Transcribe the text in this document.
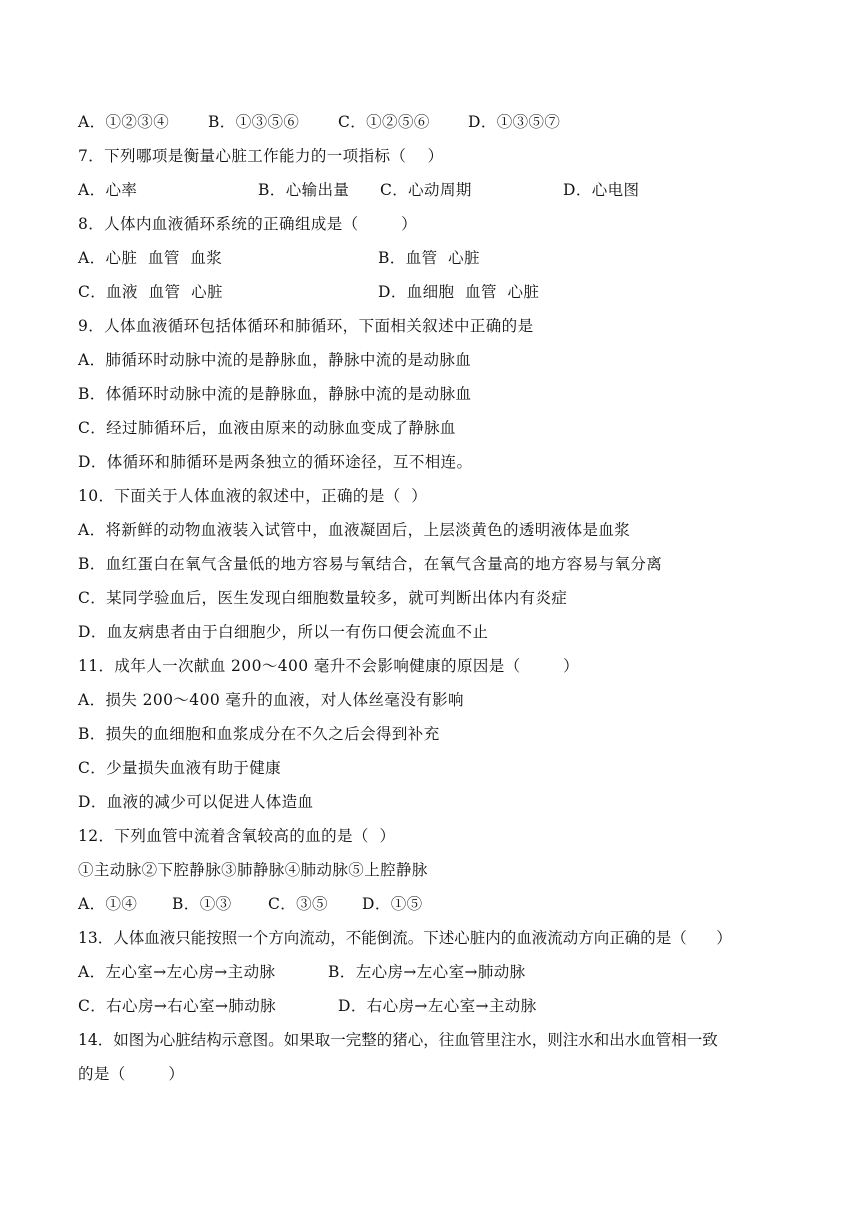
A．①②③④	B．①③⑤⑥ C．①②⑤⑥ D．①③⑤⑦
7．下列哪项是衡量心脏工作能力的一项指标（    ）
A．心率	B．心输出量 C．心动周期	D．心电图
8．人体内血液循环系统的正确组成是（        ）
A．心脏  血管  血浆	B．血管  心脏
C．血液  血管  心脏	D．血细胞  血管  心脏
9．人体血液循环包括体循环和肺循环，下面相关叙述中正确的是
A．肺循环时动脉中流的是静脉血，静脉中流的是动脉血
B．体循环时动脉中流的是静脉血，静脉中流的是动脉血
C．经过肺循环后，血液由原来的动脉血变成了静脉血
D．体循环和肺循环是两条独立的循环途径，互不相连。
10．下面关于人体血液的叙述中，正确的是（  ）
A．将新鲜的动物血液装入试管中，血液凝固后，上层淡黄色的透明液体是血浆
B．血红蛋白在氧气含量低的地方容易与氧结合，在氧气含量高的地方容易与氧分离
C．某同学验血后，医生发现白细胞数量较多，就可判断出体内有炎症
D．血友病患者由于白细胞少，所以一有伤口便会流血不止
11．成年人一次献血 200～400 毫升不会影响健康的原因是（        ）
A．损失 200～400 毫升的血液，对人体丝毫没有影响
B．损失的血细胞和血浆成分在不久之后会得到补充
C．少量损失血液有助于健康
D．血液的减少可以促进人体造血
12．下列血管中流着含氧较高的血的是（  ）
①主动脉②下腔静脉③肺静脉④肺动脉⑤上腔静脉
A．①④ B．①③ C．③⑤ D．①⑤
13．人体血液只能按照一个方向流动，不能倒流。下述心脏内的血液流动方向正确的是（      ）
A．左心室→左心房→主动脉	B．左心房→左心室→肺动脉
C．右心房→右心室→肺动脉	D．右心房→左心室→主动脉
14．如图为心脏结构示意图。如果取一完整的猪心，往血管里注水，则注水和出水血管相一致
的是（        ）
